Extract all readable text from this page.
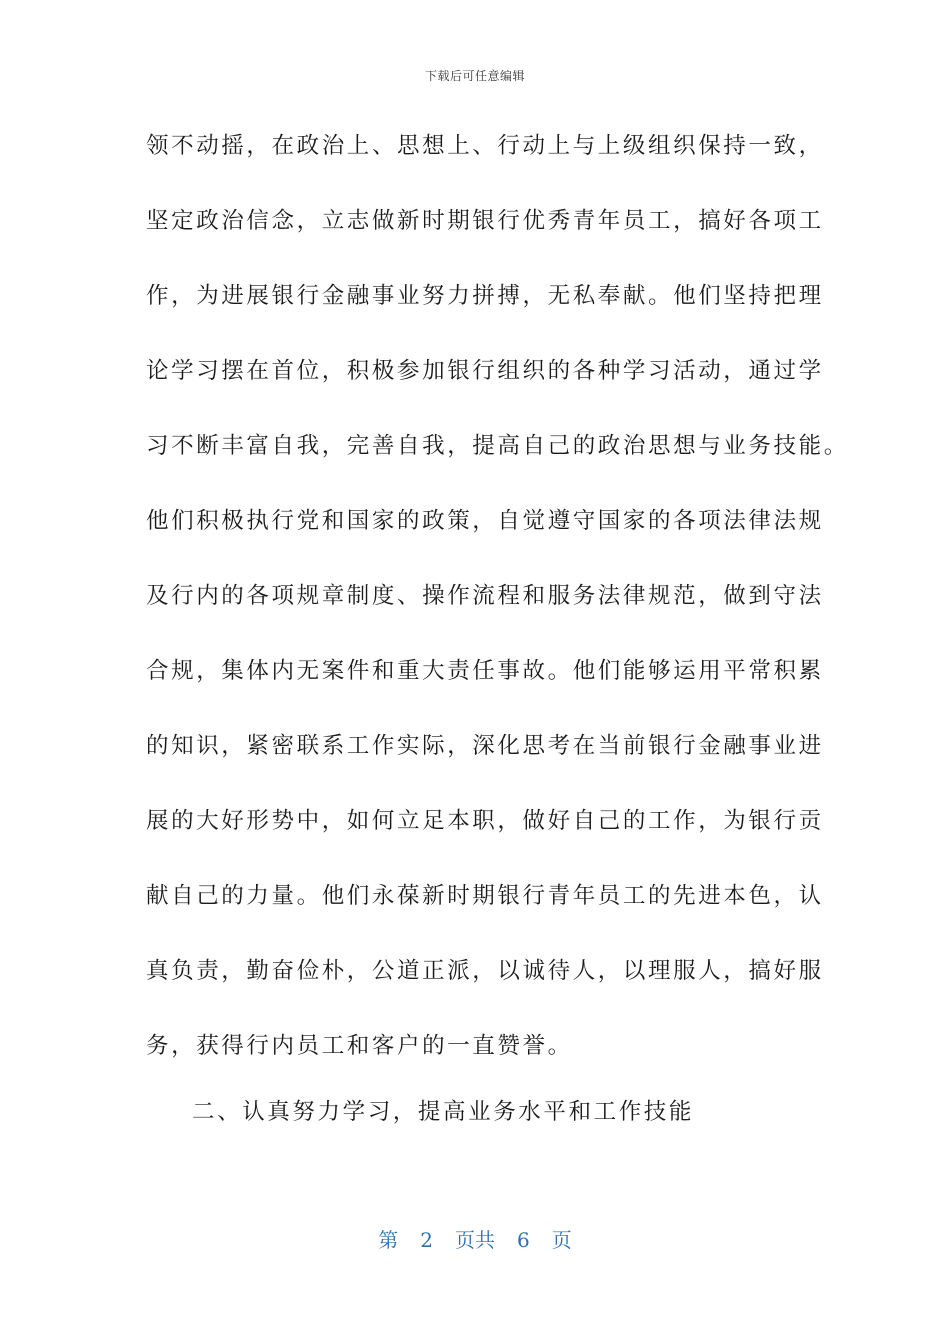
下载后可任意编辑
领不动摇，在政治上、思想上、行动上与上级组织保持一致，
坚定政治信念，立志做新时期银行优秀青年员工，搞好各项工
作，为进展银行金融事业努力拼搏，无私奉献。他们坚持把理
论学习摆在首位，积极参加银行组织的各种学习活动，通过学
习不断丰富自我，完善自我，提高自己的政治思想与业务技能。
他们积极执行党和国家的政策，自觉遵守国家的各项法律法规
及行内的各项规章制度、操作流程和服务法律规范，做到守法
合规，集体内无案件和重大责任事故。他们能够运用平常积累
的知识，紧密联系工作实际，深化思考在当前银行金融事业进
展的大好形势中，如何立足本职，做好自己的工作，为银行贡
献自己的力量。他们永葆新时期银行青年员工的先进本色，认
真负责，勤奋俭朴，公道正派，以诚待人，以理服人，搞好服
务，获得行内员工和客户的一直赞誉。
二、认真努力学习，提高业务水平和工作技能
第 2 页共 6 页
